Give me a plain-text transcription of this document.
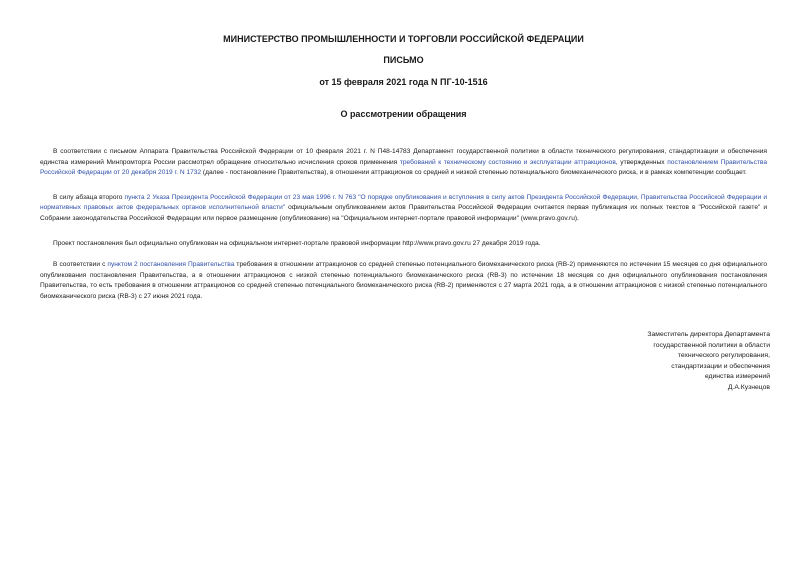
МИНИСТЕРСТВО ПРОМЫШЛЕННОСТИ И ТОРГОВЛИ РОССИЙСКОЙ ФЕДЕРАЦИИ

ПИСЬМО

от 15 февраля 2021 года N ПГ-10-1516

О рассмотрении обращения

В соответствии с письмом Аппарата Правительства Российской Федерации от 10 февраля 2021 г. N П48-14783 Департамент государственной политики в области технического регулирования, стандартизации и обеспечения единства измерений Минпромторга России рассмотрел обращение относительно исчисления сроков применения требований к техническому состоянию и эксплуатации аттракционов, утвержденных постановлением Правительства Российской Федерации от 20 декабря 2019 г. N 1732 (далее - постановление Правительства), в отношении аттракционов со средней и низкой степенью потенциального биомеханического риска, и в рамках компетенции сообщает.

В силу абзаца второго пункта 2 Указа Президента Российской Федерации от 23 мая 1996 г. N 763 "О порядке опубликования и вступления в силу актов Президента Российской Федерации, Правительства Российской Федерации и нормативных правовых актов федеральных органов исполнительной власти" официальным опубликованием актов Правительства Российской Федерации считается первая публикация их полных текстов в "Российской газете" и Собрании законодательства Российской Федерации или первое размещение (опубликование) на "Официальном интернет-портале правовой информации" (www.pravo.gov.ru).

Проект постановления был официально опубликован на официальном интернет-портале правовой информации http://www.pravo.gov.ru 27 декабря 2019 года.

В соответствии с пунктом 2 постановления Правительства требования в отношении аттракционов со средней степенью потенциального биомеханического риска (RB-2) применяются по истечении 15 месяцев со дня официального опубликования постановления Правительства, а в отношении аттракционов с низкой степенью потенциального биомеханического риска (RB-3) по истечении 18 месяцев со дня официального опубликования постановления Правительства, то есть требования в отношении аттракционов со средней степенью потенциального биомеханического риска (RB-2) применяются с 27 марта 2021 года, а в отношении аттракционов с низкой степенью потенциального биомеханического риска (RB-3) с 27 июня 2021 года.

Заместитель директора Департамента
государственной политики в области
технического регулирования,
стандартизации и обеспечения
единства измерений
Д.А.Кузнецов
